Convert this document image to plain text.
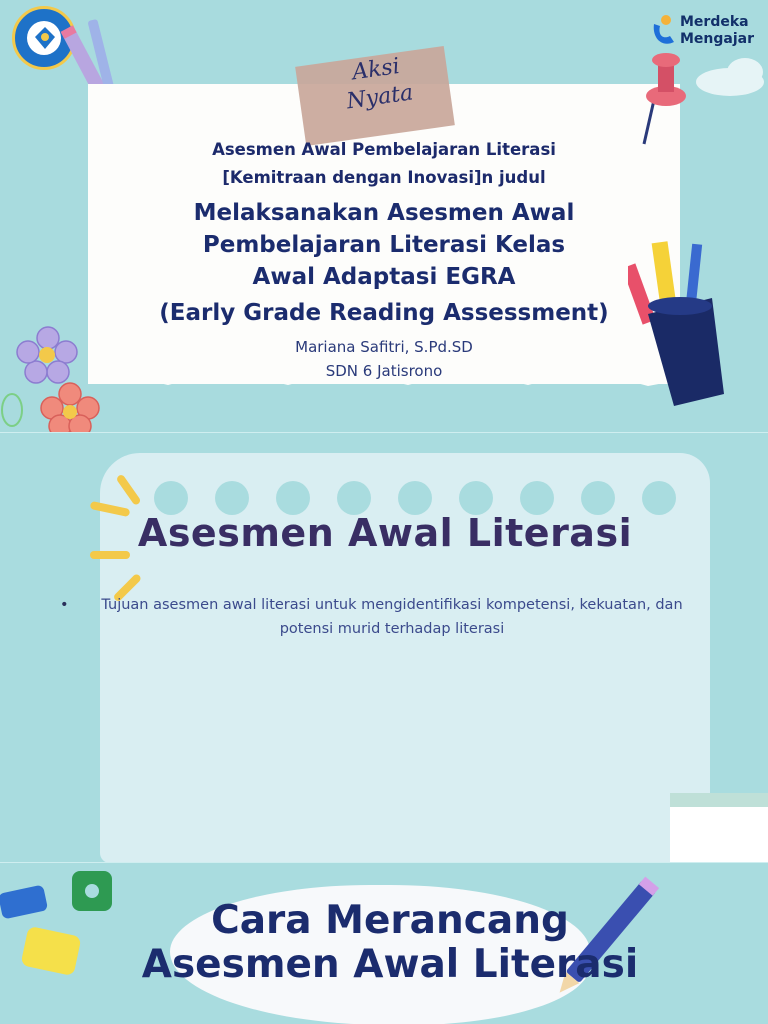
Merdeka
Mengajar
Aksi
Nyata
Asesmen Awal Pembelajaran Literasi
[Kemitraan dengan Inovasi]n judul
Melaksanakan Asesmen Awal
Pembelajaran Literasi Kelas
Awal Adaptasi EGRA
(Early Grade Reading Assessment)
Mariana Safitri, S.Pd.SD
SDN 6 Jatisrono
Asesmen Awal Literasi
•	Tujuan asesmen awal literasi untuk mengidentifikasi kompetensi, kekuatan, dan
potensi murid terhadap literasi
Cara Merancang
Asesmen Awal Literasi
